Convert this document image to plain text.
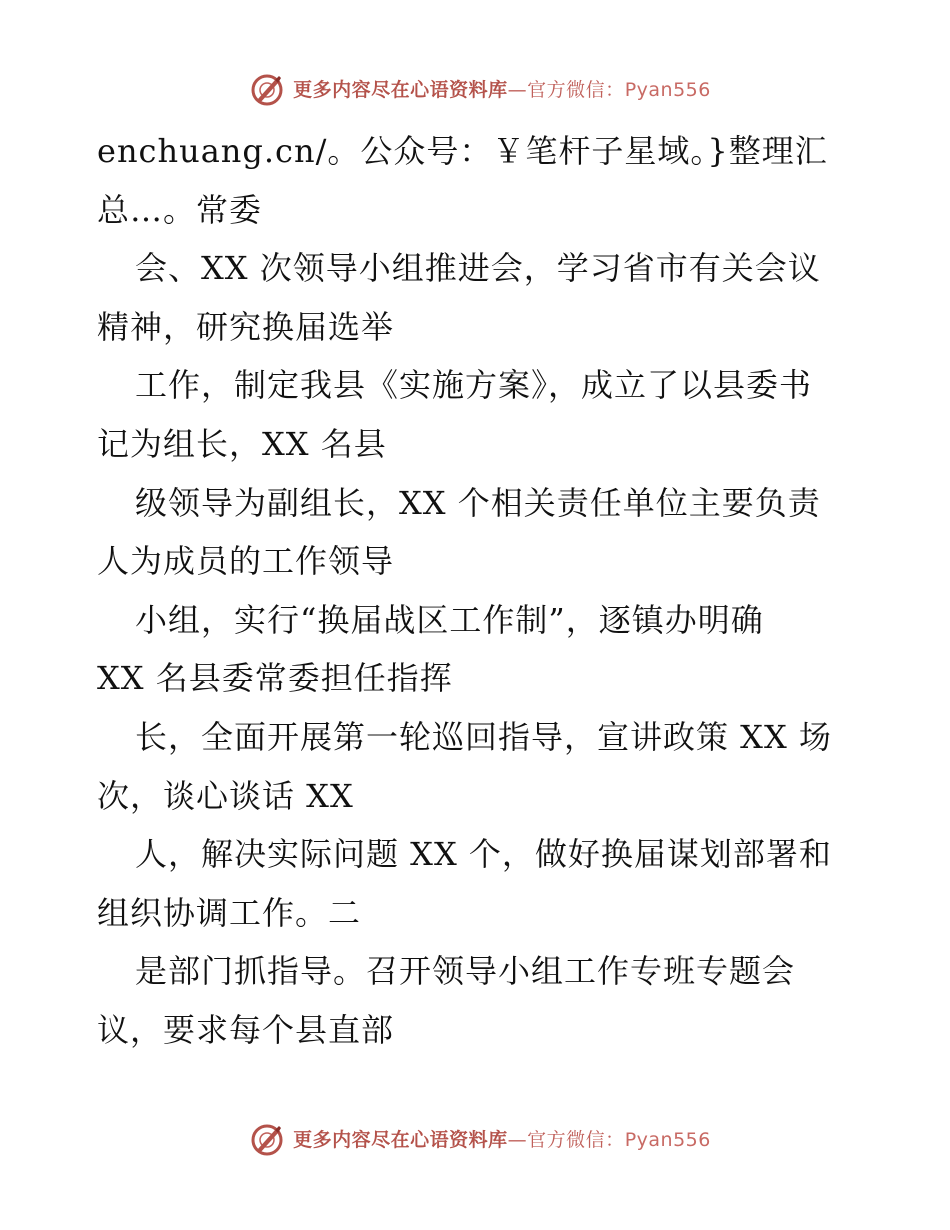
更多内容尽在心语资料库—官方微信：Pyan556
enchuang.cn/。公众号：￥笔杆子星域。}整理汇
总…。常委
会、XX 次领导小组推进会，学习省市有关会议
精神，研究换届选举
工作，制定我县《实施方案》，成立了以县委书
记为组长，XX 名县
级领导为副组长，XX 个相关责任单位主要负责
人为成员的工作领导
小组，实行“换届战区工作制”，逐镇办明确
XX 名县委常委担任指挥
长，全面开展第一轮巡回指导，宣讲政策 XX 场
次，谈心谈话 XX
人，解决实际问题 XX 个，做好换届谋划部署和
组织协调工作。二
是部门抓指导。召开领导小组工作专班专题会
议，要求每个县直部
更多内容尽在心语资料库—官方微信：Pyan556
